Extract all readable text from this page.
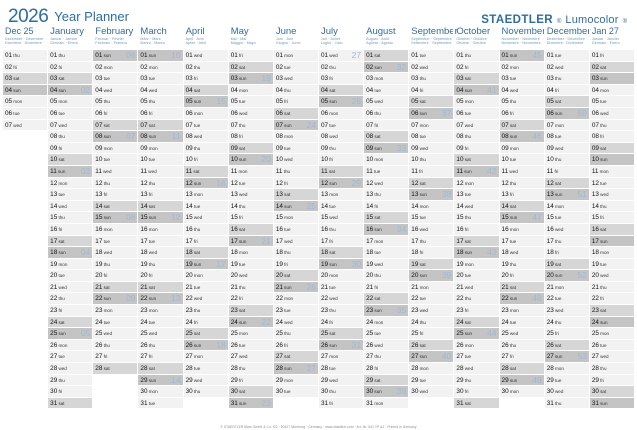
2026 Year Planner	STAEDTLER ® Lumocolor ®
Dec 25
Dezember · Décembre
Dicembre · Diciembre
01thu
02fri
03sat
04sun
05mon
06tue
07wed
January
Januar · Janvier
Gennaio · Enero
01thu
02fri
03sat
04sun 02
05mon
06tue
07wed
08thu
09fri
10sat
11sun 03
12mon
13tue
14wed
15thu
16fri
17sat
18sun 04
19mon
20tue
21wed
22thu
23fri
24sat
25sun 05
26mon
27tue
28wed
29thu
30fri
31sat
February
Februar · Février
Febbraio · Febrero
01sun 06
02mon
03tue
04wed
05thu
06fri
07sat
08sun 07
09mon
10tue
11wed
12thu
13fri
14sat
15sun 08
16mon
17tue
18wed
19thu
20fri
21sat
22sun 09
23mon
24tue
25wed
26thu
27fri
28sat
March
März · Mars
Marzo · Marzo
01sun 10
02mon
03tue
04wed
05thu
06fri
07sat
08sun 11
09mon
10tue
11wed
12thu
13fri
14sat
15sun 12
16mon
17tue
18wed
19thu
20fri
21sat
22sun 13
23mon
24tue
25wed
26thu
27fri
28sat
29sun 14
30mon
31tue
April
April · Avril
Aprile · Abril
01wed
02thu
03fri
04sat
05sun 15
06mon
07tue
08wed
09thu
10fri
11sat
12sun 16
13mon
14tue
15wed
16thu
17fri
18sat
19sun 17
20mon
21tue
22wed
23thu
24fri
25sat
26sun 18
27mon
28tue
29wed
30thu
May
Mai · Mai
Maggio · Mayo
01fri
02sat
03sun 19
04mon
05tue
06wed
07thu
08fri
09sat
10sun 20
11mon
12tue
13wed
14thu
15fri
16sat
17sun 21
18mon
19tue
20wed
21thu
22fri
23sat
24sun 22
25mon
26tue
27wed
28thu
29fri
30sat
31sun 23
June
Juni · Juin
Giugno · Junio
01mon
02tue
03wed
04thu
05fri
06sat
07sun 24
08mon
09tue
10wed
11thu
12fri
13sat
14sun 25
15mon
16tue
17wed
18thu
19fri
20sat
21sun 26
22mon
23tue
24wed
25thu
26fri
27sat
28sun 27
29mon
30tue
July
Juli · Juillet
Luglio · Julio
01wed 27
02thu
03fri
04sat
05sun 28
06mon
07tue
08wed
09thu
10fri
11sat
12sun 29
13mon
14tue
15wed
16thu
17fri
18sat
19sun 30
20mon
21tue
22wed
23thu
24fri
25sat
26sun 31
27mon
28tue
29wed
30thu
31fri
August
August · Août
Agosto · Agosto
01sat
02sun 32
03mon
04tue
05wed
06thu
07fri
08sat
09sun 33
10mon
11tue
12wed
13thu
14fri
15sat
16sun 34
17mon
18tue
19wed
20thu
21fri
22sat
23sun 35
24mon
25tue
26wed
27thu
28fri
29sat
30sun 36
31mon
September
September · Septembre
Settembre · Septiembre
01tue
02wed
03thu
04fri
05sat
06sun 37
07mon
08tue
09wed
10thu
11fri
12sat
13sun 38
14mon
15tue
16wed
17thu
18fri
19sat
20sun 39
21mon
22tue
23wed
24thu
25fri
26sat
27sun 40
28mon
29tue
30wed
October
Oktober · Octobre
Ottobre · Octubre
01thu
02fri
03sat
04sun 41
05mon
06tue
07wed
08thu
09fri
10sat
11sun 42
12mon
13tue
14wed
15thu
16fri
17sat
18sun 43
19mon
20tue
21wed
22thu
23fri
24sat
25sun 44
26mon
27tue
28wed
29thu
30fri
31sat
November
November · Novembre
Novembre · Noviembre
01sun 45
02mon
03tue
04wed
05thu
06fri
07sat
08sun 46
09mon
10tue
11wed
12thu
13fri
14sat
15sun 47
16mon
17tue
18wed
19thu
20fri
21sat
22sun 48
23mon
24tue
25wed
26thu
27fri
28sat
29sun 49
30mon
December
Dezember · Décembre
Dicembre · Diciembre
01tue
02wed
03thu
04fri
05sat
06sun 50
07mon
08tue
09wed
10thu
11fri
12sat
13sun 51
14mon
15tue
16wed
17thu
18fri
19sat
20sun 52
21mon
22tue
23wed
24thu
25fri
26sat
27sun 53
28mon
29tue
30wed
31thu
Jan 27
Januar · Janvier
Gennaio · Enero
01fri
02sat
03sun
04mon
05tue
06wed
07thu
08fri
09sat
10sun
11mon
12tue
13wed
14thu
15fri
16sat
17sun
18mon
19tue
20wed
21thu
22fri
23sat
24sun
25mon
26tue
27wed
28thu
29fri
30sat
31sun
© STAEDTLER Mars GmbH & Co. KG · 90427 Nürnberg · Germany · www.staedtler.com · Art.-Nr. 641 YP A1 · Printed in Germany
